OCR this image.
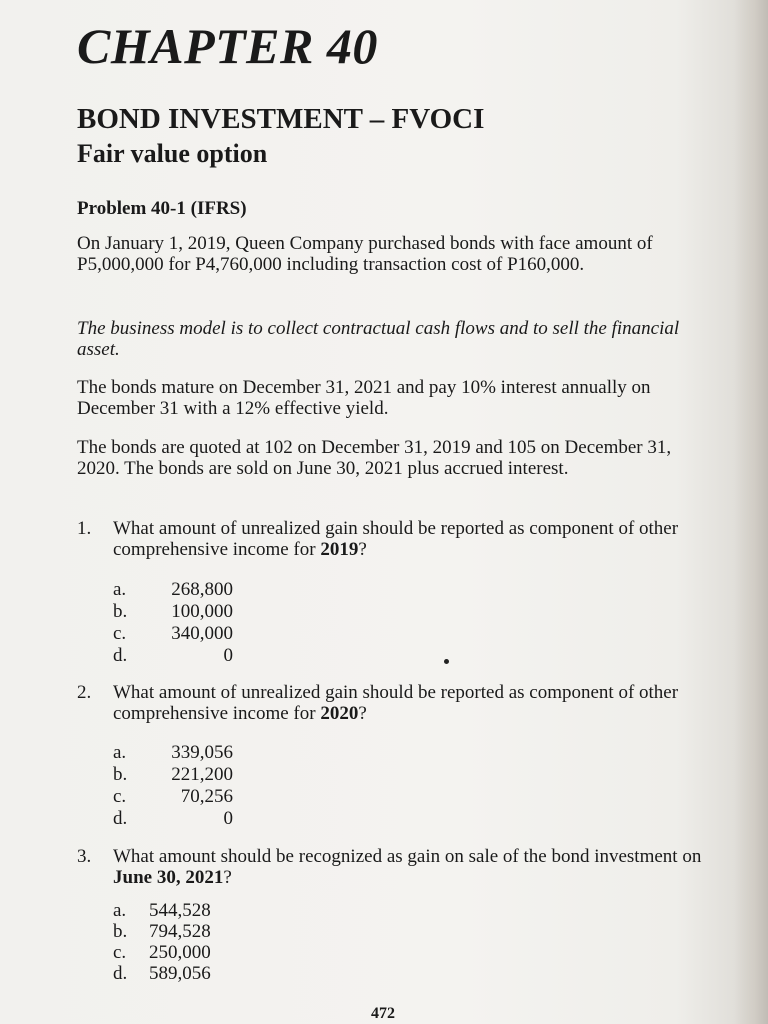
CHAPTER 40
BOND INVESTMENT – FVOCI
Fair value option
Problem 40-1 (IFRS)
On January 1, 2019, Queen Company purchased bonds with face amount of P5,000,000 for P4,760,000 including transaction cost of P160,000.
The business model is to collect contractual cash flows and to sell the financial asset.
The bonds mature on December 31, 2021 and pay 10% interest annually on December 31 with a 12% effective yield.
The bonds are quoted at 102 on December 31, 2019 and 105 on December 31, 2020. The bonds are sold on June 30, 2021 plus accrued interest.
1. What amount of unrealized gain should be reported as component of other comprehensive income for 2019?
a.	268,800
b.	100,000
c.	340,000
d.	0
2. What amount of unrealized gain should be reported as component of other comprehensive income for 2020?
a.	339,056
b.	221,200
c.	70,256
d.	0
3. What amount should be recognized as gain on sale of the bond investment on June 30, 2021?
a.	544,528
b.	794,528
c.	250,000
d.	589,056
472
